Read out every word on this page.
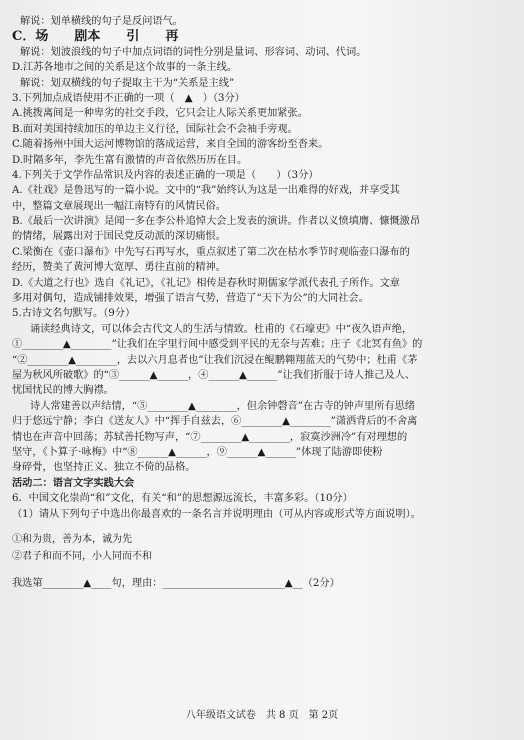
解说：划单横线的句子是反问语气。
C．场　　剧本　　引　　再
解说：划波浪线的句子中加点词语的词性分别是量词、形容词、动词、代词。
D.江苏各地市之间的关系是这个故事的一条主线。
解说：划双横线的句子提取主干为“关系是主线”
3.下列加点成语使用不正确的一项（　▲　）（3分）
A.挑拨离间是一种卑劣的社交手段，它只会让人际关系更加紧张。
B.面对美国持续加压的单边主义行径，国际社会不会袖手旁观。
C.随着扬州中国大运河博物馆的落成运营，来自全国的游客纷至沓来。
D.时隔多年，李先生富有激情的声音依然历历在目。
4.下列关于文学作品常识及内容的表述正确的一项是（　　）（3分）
A.《社戏》是鲁迅写的一篇小说。文中的“我”始终认为这是一出难得的好戏，并享受其
中，整篇文章展现出一幅江南特有的风情民俗。
B.《最后一次讲演》是闻一多在李公朴追悼大会上发表的演讲。作者以义愤填膺、慷慨激昂
的情绪，展露出对于国民党反动派的深切痛恨。
C.梁衡在《壶口瀑布》中先写石再写水，重点叙述了第二次在枯水季节时观临壶口瀑布的
经历，赞美了黄河博大宽厚、勇往直前的精神。
D.《大道之行也》选自《礼记》，《礼记》相传是春秋时期儒家学派代表孔子所作。文章
多用对偶句，造成铺排效果，增强了语言气势，营造了“天下为公”的大同社会。
5.古诗文名句默写。（9分）
诵读经典诗文，可以体会古代文人的生活与情致。杜甫的《石壕吏》中“夜久语声绝，
①________▲________”让我们在字里行间中感受到平民的无奈与苦难；庄子《北冥有鱼》的
“②________▲________，去以六月息者也”让我们沉浸在鲲鹏翱翔蓝天的气势中；杜甫《茅
屋为秋风所破歌》的“③______▲______，④______▲______”让我们折服于诗人推己及人、
忧国忧民的博大胸襟。
诗人常建善以声结情，“⑤________▲________，但余钟磬音”在古寺的钟声里所有思绪
归于悠远宁静；李白《送友人》中“挥手自兹去，⑥________▲________”潇洒背后的不舍离
情也在声音中回荡；苏轼善托物写声，“⑦________▲________，寂寞沙洲冷”有对理想的
坚守，《卜算子·咏梅》中“⑧______▲______，⑨______▲______”体现了陆游即使粉
身碎骨，也坚持正义、独立不倚的品格。
活动二：语言文字实践大会
6．中国文化崇尚“和”文化，有关“和”的思想源远流长，丰富多彩。（10分）
（1）请从下列句子中选出你最喜欢的一条名言并说明理由（可从内容或形式等方面说明）。
①和为贵，善为本，诚为先
②君子和而不同，小人同而不和
我选第________▲____句，理由：________________________▲__（2分）
八年级语文试卷　共 8 页　第 2页
